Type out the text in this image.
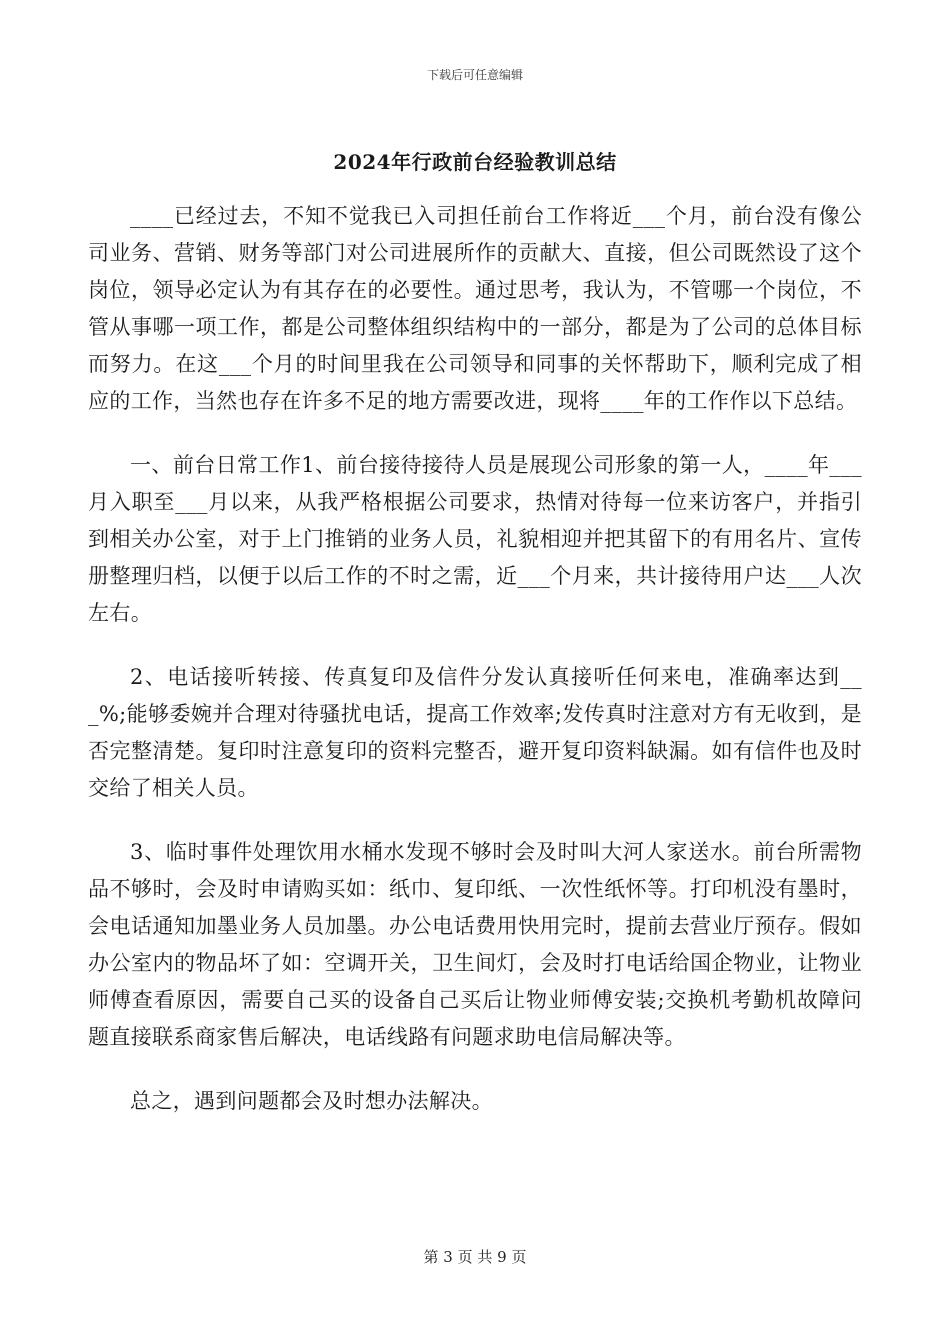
下载后可任意编辑
2024年行政前台经验教训总结

____已经过去，不知不觉我已入司担任前台工作将近___个月，前台没有像公司业务、营销、财务等部门对公司进展所作的贡献大、直接，但公司既然设了这个岗位，领导必定认为有其存在的必要性。通过思考，我认为，不管哪一个岗位，不管从事哪一项工作，都是公司整体组织结构中的一部分，都是为了公司的总体目标而努力。在这___个月的时间里我在公司领导和同事的关怀帮助下，顺利完成了相应的工作，当然也存在许多不足的地方需要改进，现将____年的工作作以下总结。

一、前台日常工作1、前台接待接待人员是展现公司形象的第一人，____年___月入职至___月以来，从我严格根据公司要求，热情对待每一位来访客户，并指引到相关办公室，对于上门推销的业务人员，礼貌相迎并把其留下的有用名片、宣传册整理归档，以便于以后工作的不时之需，近___个月来，共计接待用户达___人次左右。

2、电话接听转接、传真复印及信件分发认真接听任何来电，准确率达到___%;能够委婉并合理对待骚扰电话，提高工作效率;发传真时注意对方有无收到，是否完整清楚。复印时注意复印的资料完整否，避开复印资料缺漏。如有信件也及时交给了相关人员。

3、临时事件处理饮用水桶水发现不够时会及时叫大河人家送水。前台所需物品不够时，会及时申请购买如：纸巾、复印纸、一次性纸怀等。打印机没有墨时，会电话通知加墨业务人员加墨。办公电话费用快用完时，提前去营业厅预存。假如办公室内的物品坏了如：空调开关，卫生间灯，会及时打电话给国企物业，让物业师傅查看原因，需要自己买的设备自己买后让物业师傅安装;交换机考勤机故障问题直接联系商家售后解决，电话线路有问题求助电信局解决等。

总之，遇到问题都会及时想办法解决。

第 3 页 共 9 页
